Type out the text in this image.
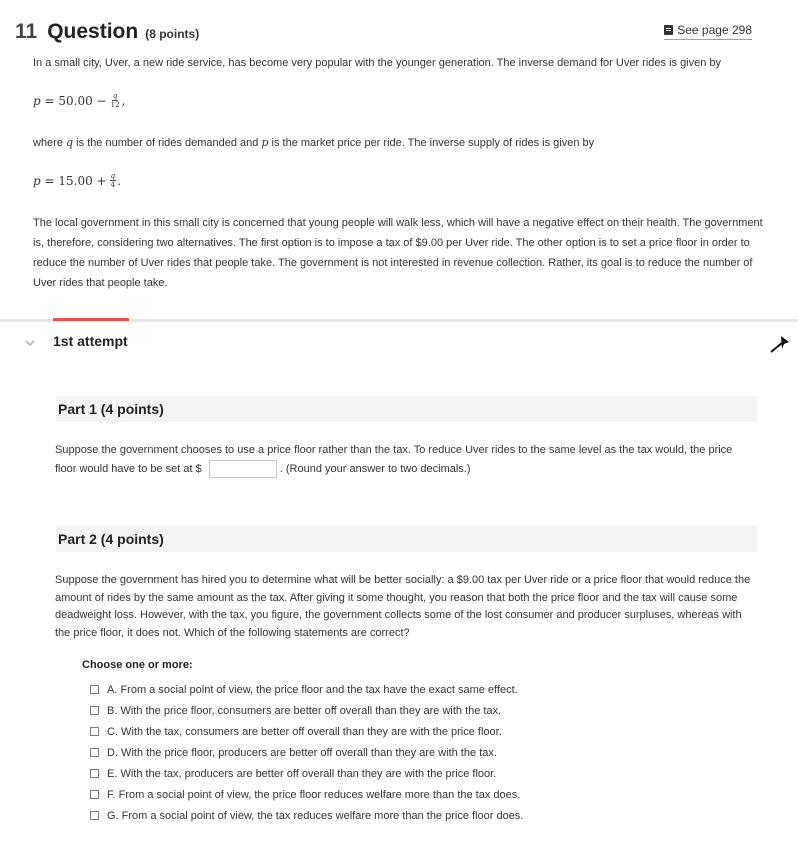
11 Question (8 points)	See page 298
In a small city, Uver, a new ride service, has become very popular with the younger generation. The inverse demand for Uver rides is given by
p
= $50.00 - \frac{q}{12}$ ,
where q is the number of rides demanded and p is the market price per ride. The inverse supply of rides is given by
p
= $15.00 + \frac{q}{4}$ .
The local government in this small city is concerned that young people will walk less, which will have a negative effect on their health. The government is, therefore, considering two alternatives. The first option is to impose a tax of $9.00 per Uver ride. The other option is to set a price floor in order to reduce the number of Uver rides that people take. The government is not interested in revenue collection. Rather, its goal is to reduce the number of Uver rides that people take.
1st attempt
Part 1 (4 points)
Suppose the government chooses to use a price floor rather than the tax. To reduce Uver rides to the same level as the tax would, the price floor would have to be set at $	. (Round your answer to two decimals.)
Part 2 (4 points)
Suppose the government has hired you to determine what will be better socially: a $9.00 tax per Uver ride or a price floor that would reduce the amount of rides by the same amount as the tax. After giving it some thought, you reason that both the price floor and the tax will cause some deadweight loss. However, with the tax, you figure, the government collects some of the lost consumer and producer surpluses, whereas with the price floor, it does not. Which of the following statements are correct?
Choose one or more:
A. From a social point of view, the price floor and the tax have the exact same effect.
B. With the price floor, consumers are better off overall than they are with the tax.
C. With the tax, consumers are better off overall than they are with the price floor.
D. With the price floor, producers are better off overall than they are with the tax.
E. With the tax, producers are better off overall than they are with the price floor.
F. From a social point of view, the price floor reduces welfare more than the tax does.
G. From a social point of view, the tax reduces welfare more than the price floor does.
